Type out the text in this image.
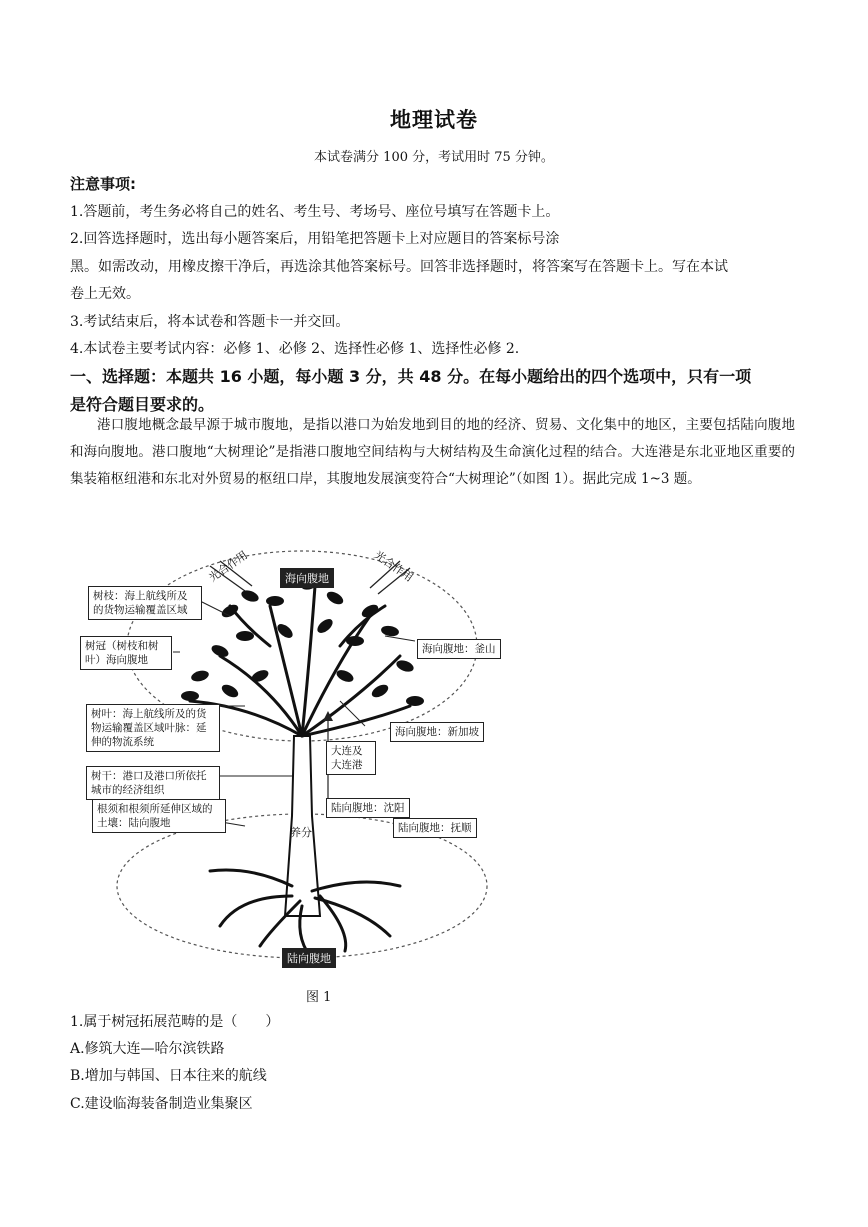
地理试卷
本试卷满分 100 分，考试用时 75 分钟。
注意事项:
1.答题前，考生务必将自己的姓名、考生号、考场号、座位号填写在答题卡上。
2.回答选择题时，选出每小题答案后，用铅笔把答题卡上对应题目的答案标号涂
黑。如需改动，用橡皮擦干净后，再选涂其他答案标号。回答非选择题时，将答案写在答题卡上。写在本试
卷上无效。
3.考试结束后，将本试卷和答题卡一并交回。
4.本试卷主要考试内容：必修 1、必修 2、选择性必修 1、选择性必修 2.
一、选择题：本题共 16 小题，每小题 3 分，共 48 分。在每小题给出的四个选项中，只有一项
是符合题目要求的。
港口腹地概念最早源于城市腹地，是指以港口为始发地到目的地的经济、贸易、文化集中的地区，主要包括陆向腹地和海向腹地。港口腹地“大树理论”是指港口腹地空间结构与大树结构及生命演化过程的结合。大连港是东北亚地区重要的集装箱枢纽港和东北对外贸易的枢纽口岸，其腹地发展演变符合“大树理论”（如图 1）。据此完成 1~3 题。
光合作用	光合作用
海向腹地
树枝：海上航线所及的货物运输覆盖区域
树冠（树枝和树叶）海向腹地
树叶：海上航线所及的货物运输覆盖区域叶脉：延伸的物流系统
树干：港口及港口所依托城市的经济组织
根须和根须所延伸区域的土壤：陆向腹地
海向腹地：釜山
海向腹地：新加坡
大连及大连港
陆向腹地：沈阳
陆向腹地：抚顺
养分
陆向腹地
图 1
1.属于树冠拓展范畴的是（　　）
A.修筑大连—哈尔滨铁路
B.增加与韩国、日本往来的航线
C.建设临海装备制造业集聚区
